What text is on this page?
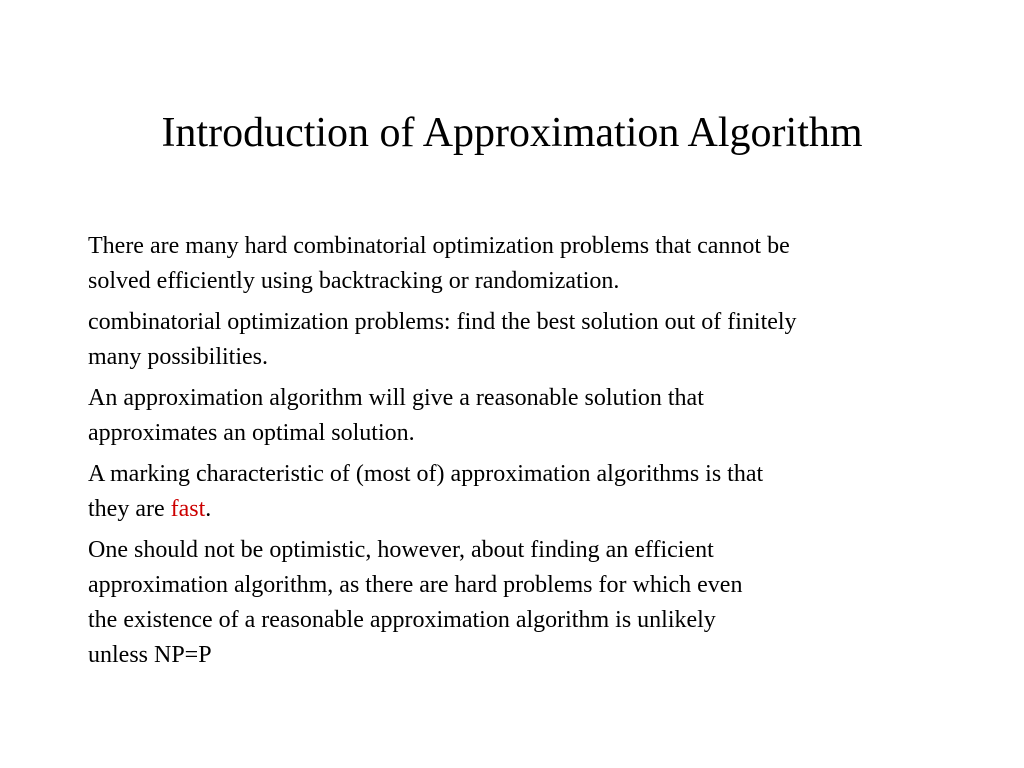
Introduction of Approximation Algorithm
There are many hard combinatorial optimization problems that cannot be
solved efficiently using backtracking or randomization.
combinatorial optimization problems: find the best solution out of finitely
many possibilities.
An approximation algorithm will give a reasonable solution that
approximates an optimal solution.
A marking characteristic of (most of) approximation algorithms is that
they are fast.
One should not be optimistic, however, about finding an efficient
approximation algorithm, as there are hard problems for which even
the existence of a reasonable approximation algorithm is unlikely
unless NP=P
